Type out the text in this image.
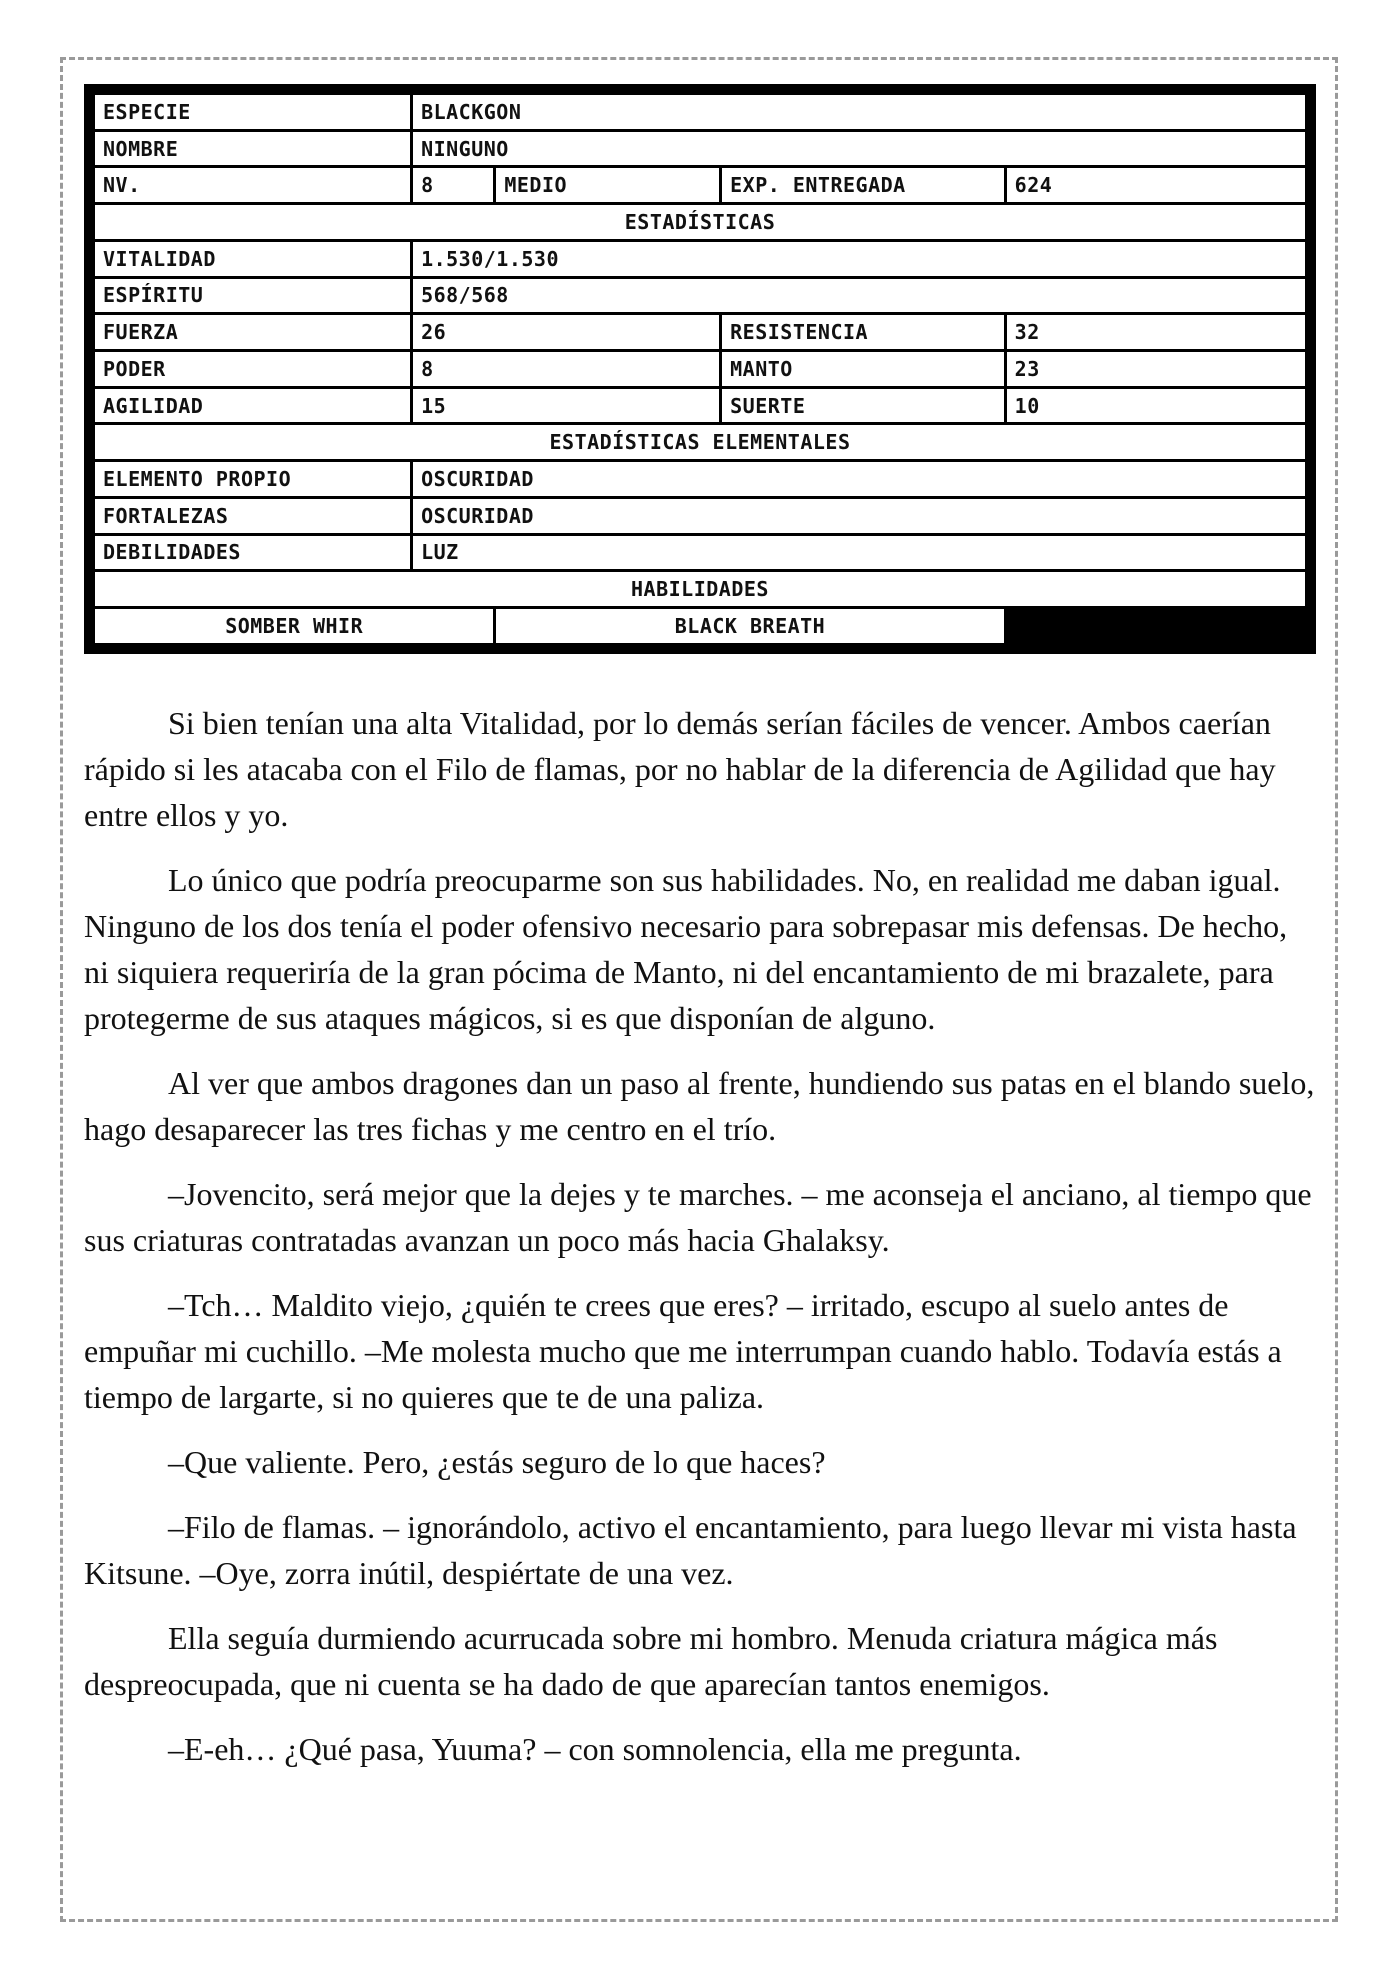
ESPECIE	BLACKGON			
NOMBRE	NINGUNO			
NV.	8	MEDIO	EXP. ENTREGADA	624
ESTADÍSTICAS				
VITALIDAD	1.530/1.530			
ESPÍRITU	568/568			
FUERZA	26		RESISTENCIA	32
PODER	8		MANTO	23
AGILIDAD	15		SUERTE	10
ESTADÍSTICAS ELEMENTALES				
ELEMENTO PROPIO	OSCURIDAD			
FORTALEZAS	OSCURIDAD			
DEBILIDADES	LUZ			
HABILIDADES				
SOMBER WHIR		BLACK BREATH		

Si bien tenían una alta Vitalidad, por lo demás serían fáciles de vencer. Ambos caerían rápido si les atacaba con el Filo de flamas, por no hablar de la diferencia de Agilidad que hay entre ellos y yo.

Lo único que podría preocuparme son sus habilidades. No, en realidad me daban igual. Ninguno de los dos tenía el poder ofensivo necesario para sobrepasar mis defensas. De hecho, ni siquiera requeriría de la gran pócima de Manto, ni del encantamiento de mi brazalete, para protegerme de sus ataques mágicos, si es que disponían de alguno.

Al ver que ambos dragones dan un paso al frente, hundiendo sus patas en el blando suelo, hago desaparecer las tres fichas y me centro en el trío.

–Jovencito, será mejor que la dejes y te marches. – me aconseja el anciano, al tiempo que sus criaturas contratadas avanzan un poco más hacia Ghalaksy.

–Tch… Maldito viejo, ¿quién te crees que eres? – irritado, escupo al suelo antes de empuñar mi cuchillo. –Me molesta mucho que me interrumpan cuando hablo. Todavía estás a tiempo de largarte, si no quieres que te de una paliza.

–Que valiente. Pero, ¿estás seguro de lo que haces?

–Filo de flamas. – ignorándolo, activo el encantamiento, para luego llevar mi vista hasta Kitsune. –Oye, zorra inútil, despiértate de una vez.

Ella seguía durmiendo acurrucada sobre mi hombro. Menuda criatura mágica más despreocupada, que ni cuenta se ha dado de que aparecían tantos enemigos.

–E-eh… ¿Qué pasa, Yuuma? – con somnolencia, ella me pregunta.
